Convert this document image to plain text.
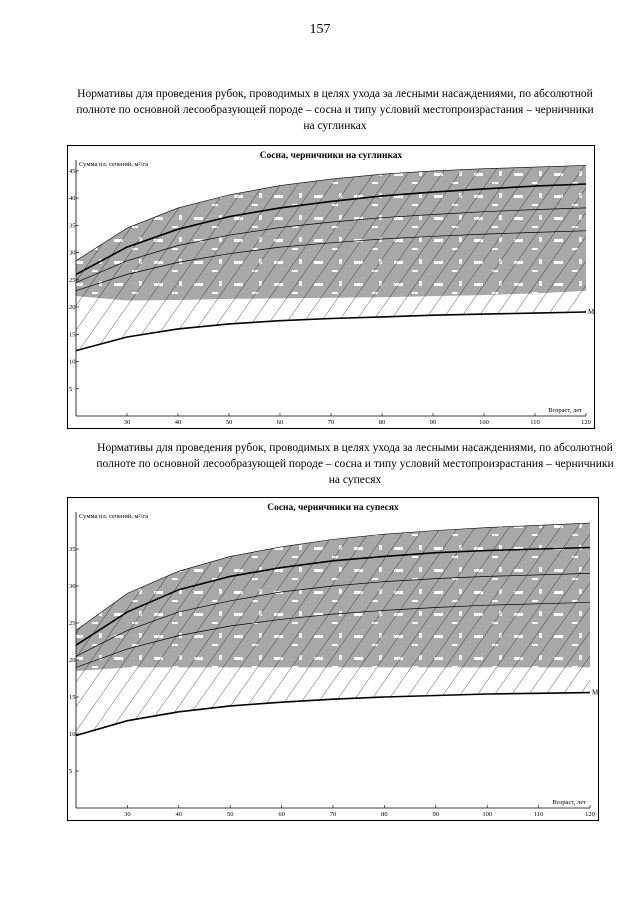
157
Нормативы для проведения рубок, проводимых в целях ухода за лесными насаждениями, по абсолютной полноте по основной лесообразующей породе – сосна и типу условий местопроизрастания – черничники на суглинках
М
5
10
15
20
25
30
35
40
45
30	40	50	60	70	80	90	100	110	120
Сосна, черничники на суглинках
Сумма пл. сечений, м²/га
Возраст, лет
Нормативы для проведения рубок, проводимых в целях ухода за лесными насаждениями, по абсолютной полноте по основной лесообразующей породе – сосна и типу условий местопроизрастания – черничники на супесях
М
5
10
15
20
25
30
35
30	40	50	60	70	80	90	100	110	120
Сосна, черничники на супесях
Сумма пл. сечений, м²/га
Возраст, лет
